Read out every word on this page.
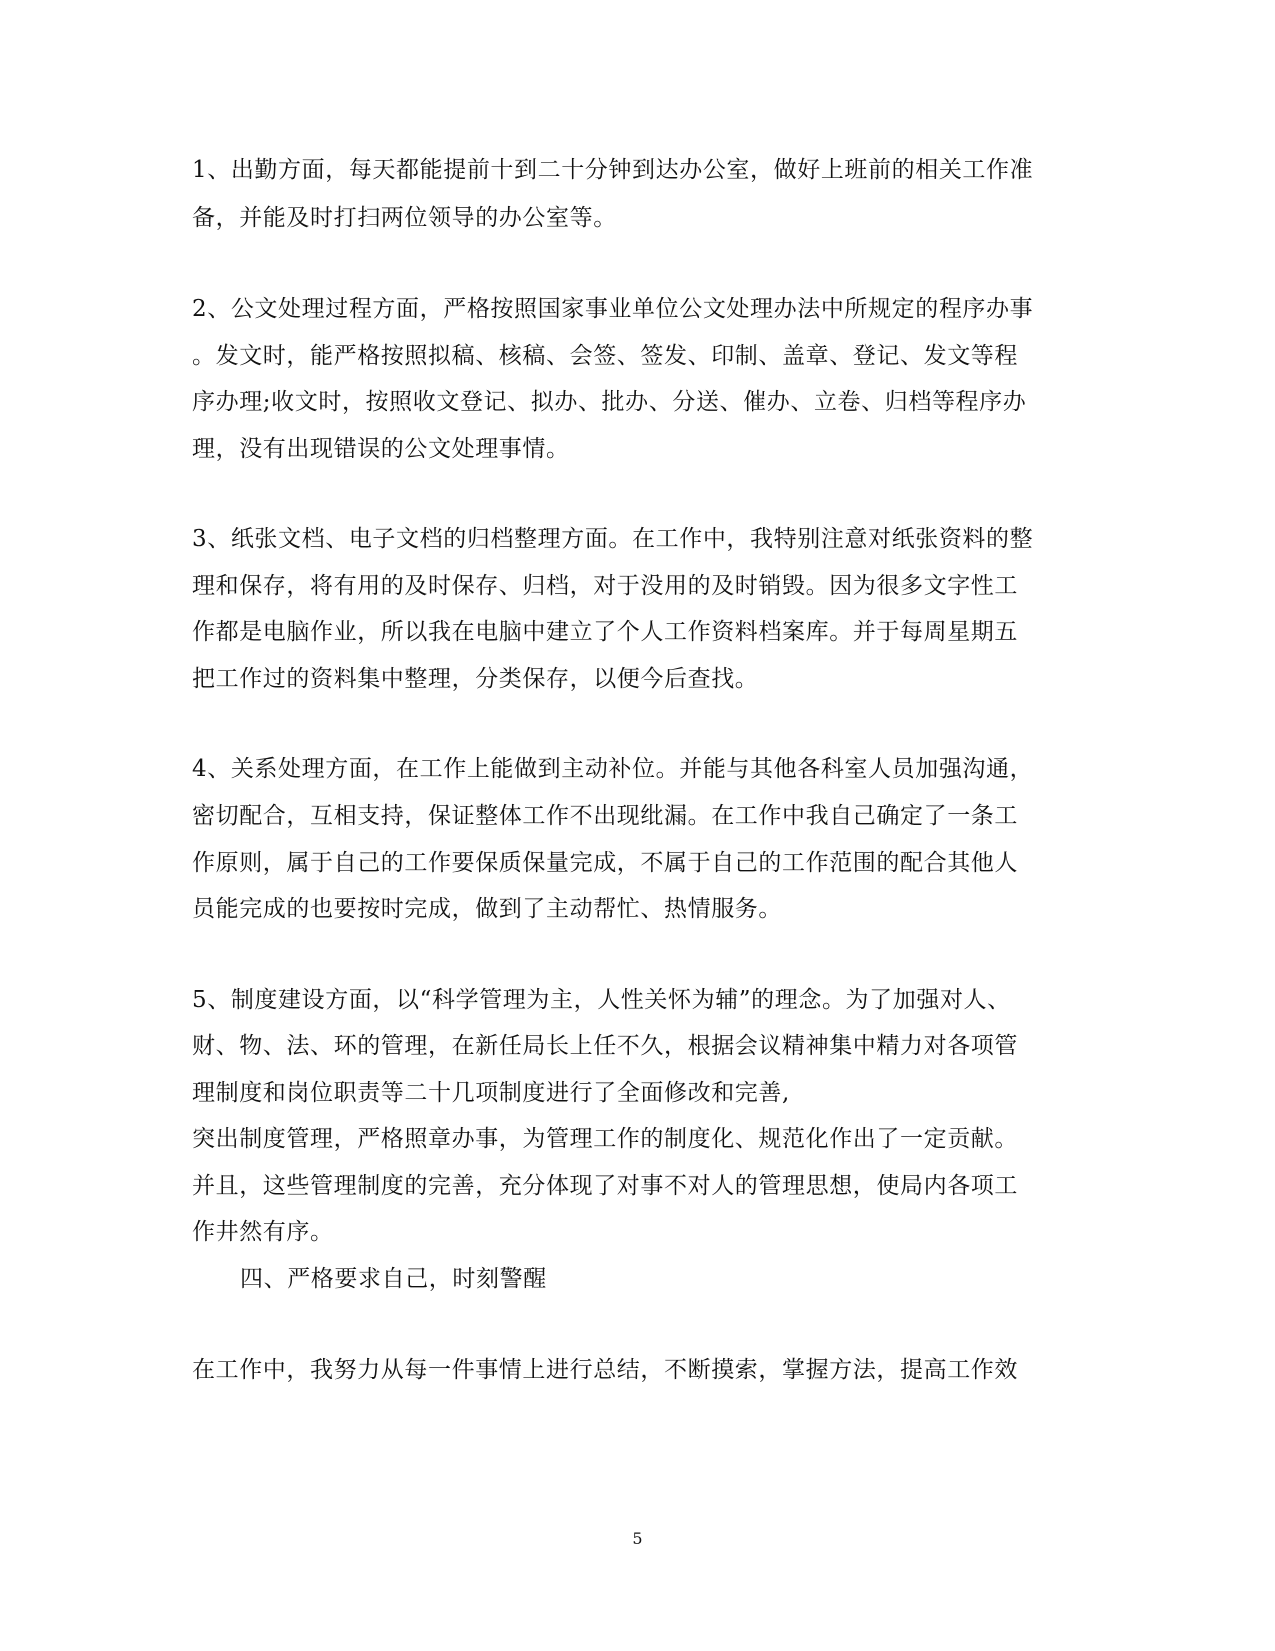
1、出勤方面，每天都能提前十到二十分钟到达办公室，做好上班前的相关工作准
备，并能及时打扫两位领导的办公室等。
2、公文处理过程方面，严格按照国家事业单位公文处理办法中所规定的程序办事
。发文时，能严格按照拟稿、核稿、会签、签发、印制、盖章、登记、发文等程
序办理;收文时，按照收文登记、拟办、批办、分送、催办、立卷、归档等程序办
理，没有出现错误的公文处理事情。
3、纸张文档、电子文档的归档整理方面。在工作中，我特别注意对纸张资料的整
理和保存，将有用的及时保存、归档，对于没用的及时销毁。因为很多文字性工
作都是电脑作业，所以我在电脑中建立了个人工作资料档案库。并于每周星期五
把工作过的资料集中整理，分类保存，以便今后查找。
4、关系处理方面，在工作上能做到主动补位。并能与其他各科室人员加强沟通，
密切配合，互相支持，保证整体工作不出现纰漏。在工作中我自己确定了一条工
作原则，属于自己的工作要保质保量完成，不属于自己的工作范围的配合其他人
员能完成的也要按时完成，做到了主动帮忙、热情服务。
5、制度建设方面，以“科学管理为主，人性关怀为辅”的理念。为了加强对人、
财、物、法、环的管理，在新任局长上任不久，根据会议精神集中精力对各项管
理制度和岗位职责等二十几项制度进行了全面修改和完善,
突出制度管理，严格照章办事，为管理工作的制度化、规范化作出了一定贡献。
并且，这些管理制度的完善，充分体现了对事不对人的管理思想，使局内各项工
作井然有序。
四、严格要求自己，时刻警醒
在工作中，我努力从每一件事情上进行总结，不断摸索，掌握方法，提高工作效
5
